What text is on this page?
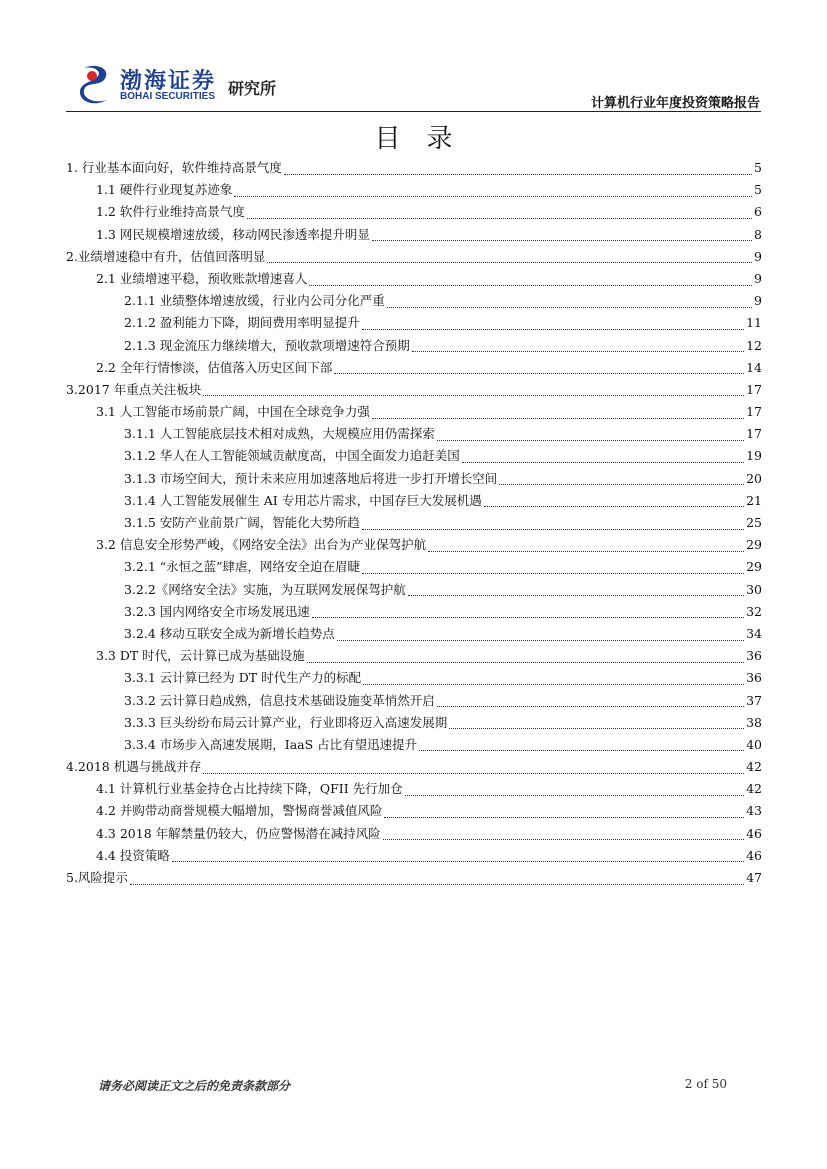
渤海证券
BOHAI SECURITIES 研究所
计算机行业年度投资策略报告
目录
1. 行业基本面向好，软件维持高景气度	5
1.1 硬件行业现复苏迹象	5
1.2 软件行业维持高景气度	6
1.3 网民规模增速放缓，移动网民渗透率提升明显	8
2.业绩增速稳中有升，估值回落明显	9
2.1 业绩增速平稳，预收账款增速喜人	9
2.1.1 业绩整体增速放缓，行业内公司分化严重	9
2.1.2 盈利能力下降，期间费用率明显提升	11
2.1.3 现金流压力继续增大，预收款项增速符合预期	12
2.2 全年行情惨淡，估值落入历史区间下部	14
3.2017 年重点关注板块	17
3.1 人工智能市场前景广阔，中国在全球竞争力强	17
3.1.1 人工智能底层技术相对成熟，大规模应用仍需探索	17
3.1.2 华人在人工智能领域贡献度高，中国全面发力追赶美国	19
3.1.3 市场空间大，预计未来应用加速落地后将进一步打开增长空间	20
3.1.4 人工智能发展催生 AI 专用芯片需求，中国存巨大发展机遇	21
3.1.5 安防产业前景广阔，智能化大势所趋	25
3.2 信息安全形势严峻，《网络安全法》出台为产业保驾护航	29
3.2.1 “永恒之蓝”肆虐，网络安全迫在眉睫	29
3.2.2《网络安全法》实施，为互联网发展保驾护航	30
3.2.3 国内网络安全市场发展迅速	32
3.2.4 移动互联安全成为新增长趋势点	34
3.3 DT 时代，云计算已成为基础设施	36
3.3.1 云计算已经为 DT 时代生产力的标配	36
3.3.2 云计算日趋成熟，信息技术基础设施变革悄然开启	37
3.3.3 巨头纷纷布局云计算产业，行业即将迈入高速发展期	38
3.3.4 市场步入高速发展期，IaaS 占比有望迅速提升	40
4.2018 机遇与挑战并存	42
4.1 计算机行业基金持仓占比持续下降，QFII 先行加仓	42
4.2 并购带动商誉规模大幅增加，警惕商誉减值风险	43
4.3 2018 年解禁量仍较大，仍应警惕潜在减持风险	46
4.4 投资策略	46
5.风险提示	47
请务必阅读正文之后的免责条款部分	2 of 50
